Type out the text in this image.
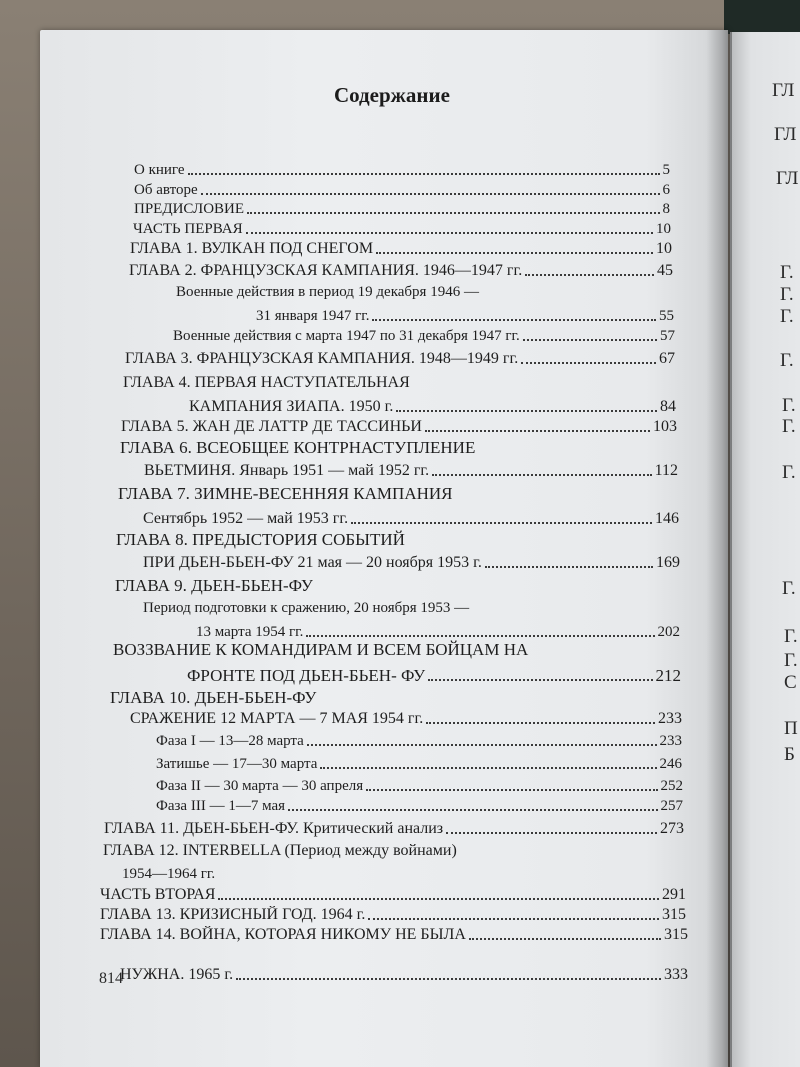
ГЛ
ГЛ
ГЛ
Г.
Г.
Г.
Г.
Г.
Г.
Г.
Г.
Г.
Г.
С
П
Б
Содержание
О книге	5
Об авторе	6
ПРЕДИСЛОВИЕ	8
ЧАСТЬ ПЕРВАЯ	10
ГЛАВА 1. ВУЛКАН ПОД СНЕГОМ	10
ГЛАВА 2. ФРАНЦУЗСКАЯ КАМПАНИЯ. 1946—1947 гг.	45
Военные действия в период 19 декабря 1946 —
31 января 1947 гг.	55
Военные действия с марта 1947 по 31 декабря 1947 гг.	57
ГЛАВА 3. ФРАНЦУЗСКАЯ КАМПАНИЯ. 1948—1949 гг.	67
ГЛАВА 4. ПЕРВАЯ НАСТУПАТЕЛЬНАЯ
КАМПАНИЯ ЗИАПА. 1950 г.	84
ГЛАВА 5. ЖАН ДЕ ЛАТТР ДЕ ТАССИНЬИ	103
ГЛАВА 6. ВСЕОБЩЕЕ КОНТРНАСТУПЛЕНИЕ
ВЬЕТМИНЯ. Январь 1951 — май 1952 гг.	112
ГЛАВА 7. ЗИМНЕ-ВЕСЕННЯЯ КАМПАНИЯ
Сентябрь 1952 — май 1953 гг.	146
ГЛАВА 8. ПРЕДЫСТОРИЯ СОБЫТИЙ
ПРИ ДЬЕН-БЬЕН-ФУ 21 мая — 20 ноября 1953 г.	169
ГЛАВА 9. ДЬЕН-БЬЕН-ФУ
Период подготовки к сражению, 20 ноября 1953 —
13 марта 1954 гг.	202
ВОЗЗВАНИЕ К КОМАНДИРАМ И ВСЕМ БОЙЦАМ НА
ФРОНТЕ ПОД ДЬЕН-БЬЕН- ФУ	212
ГЛАВА 10. ДЬЕН-БЬЕН-ФУ
СРАЖЕНИЕ 12 МАРТА — 7 МАЯ 1954 гг.	233
Фаза I — 13—28 марта	233
Затишье — 17—30 марта	246
Фаза II — 30 марта — 30 апреля	252
Фаза III — 1—7 мая	257
ГЛАВА 11. ДЬЕН-БЬЕН-ФУ. Критический анализ	273
ГЛАВА 12. INTERBELLA (Период между войнами)
1954—1964 гг.
ЧАСТЬ ВТОРАЯ	291
ГЛАВА 13. КРИЗИСНЫЙ ГОД. 1964 г.	315
ГЛАВА 14. ВОЙНА, КОТОРАЯ НИКОМУ НЕ БЫЛА	315
НУЖНА. 1965 г.	333
814
